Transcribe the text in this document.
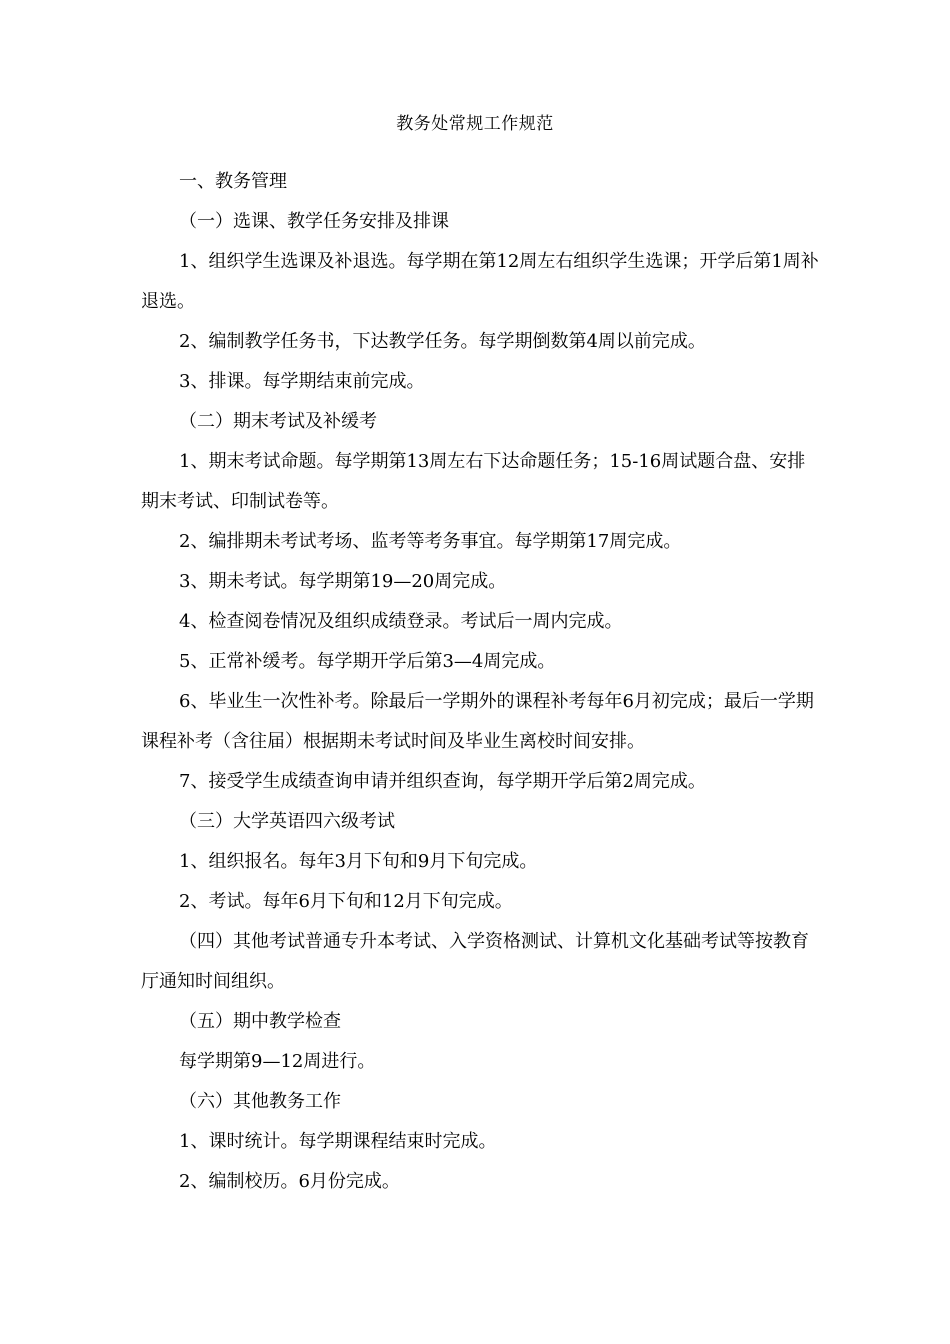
教务处常规工作规范

一、教务管理

（一）选课、教学任务安排及排课

1、组织学生选课及补退选。每学期在第12周左右组织学生选课；开学后第1周补退选。

2、编制教学任务书，下达教学任务。每学期倒数第4周以前完成。

3、排课。每学期结束前完成。

（二）期末考试及补缓考

1、期末考试命题。每学期第13周左右下达命题任务；15-16周试题合盘、安排期末考试、印制试卷等。

2、编排期未考试考场、监考等考务事宜。每学期第17周完成。

3、期未考试。每学期第19—20周完成。

4、检查阅卷情况及组织成绩登录。考试后一周内完成。

5、正常补缓考。每学期开学后第3—4周完成。

6、毕业生一次性补考。除最后一学期外的课程补考每年6月初完成；最后一学期课程补考（含往届）根据期未考试时间及毕业生离校时间安排。

7、接受学生成绩查询申请并组织查询，每学期开学后第2周完成。

（三）大学英语四六级考试

1、组织报名。每年3月下旬和9月下旬完成。

2、考试。每年6月下旬和12月下旬完成。

（四）其他考试普通专升本考试、入学资格测试、计算机文化基础考试等按教育厅通知时间组织。

（五）期中教学检查

每学期第9—12周进行。

（六）其他教务工作

1、课时统计。每学期课程结束时完成。

2、编制校历。6月份完成。
